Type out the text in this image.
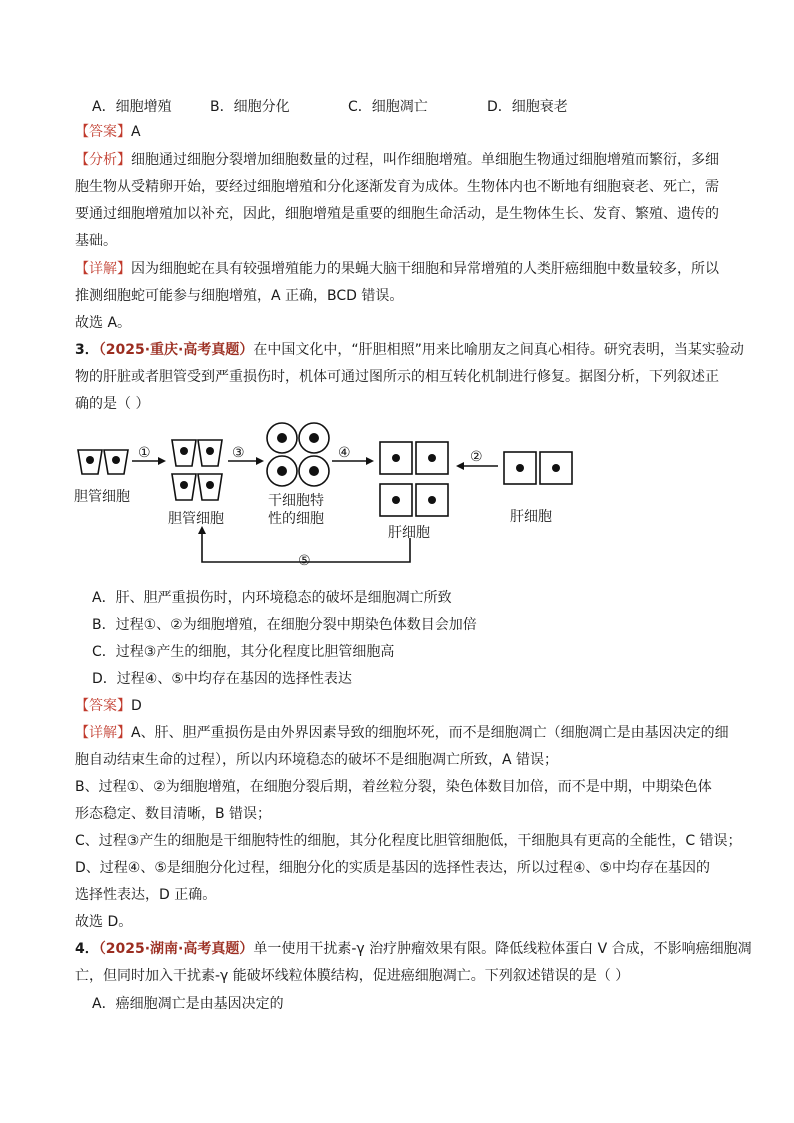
A．细胞增殖	B．细胞分化	C．细胞凋亡	D．细胞衰老
【答案】A
【分析】细胞通过细胞分裂增加细胞数量的过程，叫作细胞增殖。单细胞生物通过细胞增殖而繁衍，多细
胞生物从受精卵开始，要经过细胞增殖和分化逐渐发育为成体。生物体内也不断地有细胞衰老、死亡，需
要通过细胞增殖加以补充，因此，细胞增殖是重要的细胞生命活动，是生物体生长、发育、繁殖、遗传的
基础。
【详解】因为细胞蛇在具有较强增殖能力的果蝇大脑干细胞和异常增殖的人类肝癌细胞中数量较多，所以
推测细胞蛇可能参与细胞增殖，A 正确，BCD 错误。
故选 A。
3．（2025·重庆·高考真题）在中国文化中，“肝胆相照”用来比喻朋友之间真心相待。研究表明，当某实验动
物的肝脏或者胆管受到严重损伤时，机体可通过图所示的相互转化机制进行修复。据图分析，下列叙述正
确的是（ ）
①	③	④	②
⑤
胆管细胞
胆管细胞
干细胞特
性的细胞
肝细胞
肝细胞
A．肝、胆严重损伤时，内环境稳态的破坏是细胞凋亡所致
B．过程①、②为细胞增殖，在细胞分裂中期染色体数目会加倍
C．过程③产生的细胞，其分化程度比胆管细胞高
D．过程④、⑤中均存在基因的选择性表达
【答案】D
【详解】A、肝、胆严重损伤是由外界因素导致的细胞坏死，而不是细胞凋亡（细胞凋亡是由基因决定的细
胞自动结束生命的过程），所以内环境稳态的破坏不是细胞凋亡所致，A 错误；
B、过程①、②为细胞增殖，在细胞分裂后期，着丝粒分裂，染色体数目加倍，而不是中期，中期染色体
形态稳定、数目清晰，B 错误；
C、过程③产生的细胞是干细胞特性的细胞，其分化程度比胆管细胞低，干细胞具有更高的全能性，C 错误；
D、过程④、⑤是细胞分化过程，细胞分化的实质是基因的选择性表达，所以过程④、⑤中均存在基因的
选择性表达，D 正确。
故选 D。
4．（2025·湖南·高考真题）单一使用干扰素-γ 治疗肿瘤效果有限。降低线粒体蛋白 V 合成，不影响癌细胞凋
亡，但同时加入干扰素-γ 能破坏线粒体膜结构，促进癌细胞凋亡。下列叙述错误的是（ ）
A．癌细胞凋亡是由基因决定的
